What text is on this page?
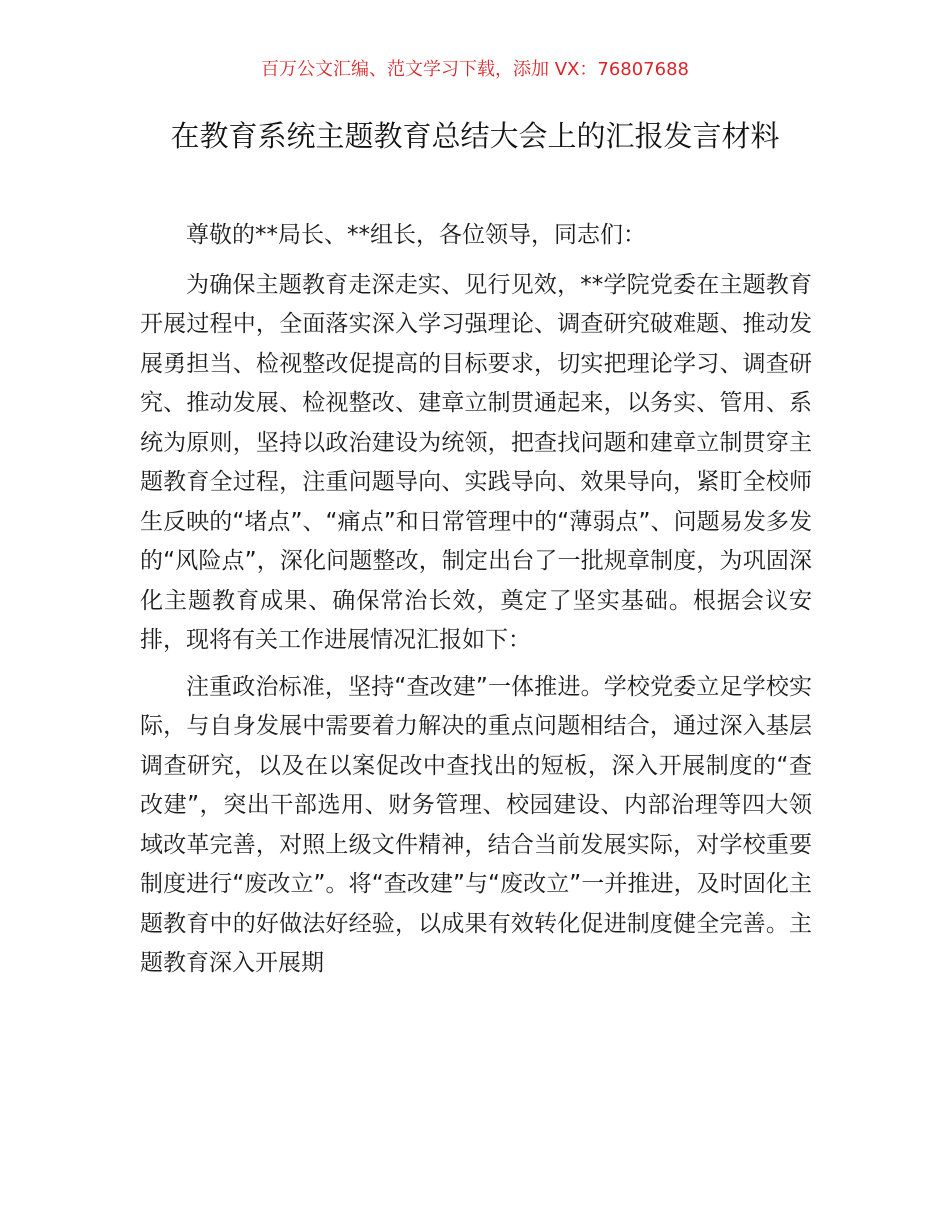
百万公文汇编、范文学习下载，添加 VX：76807688
在教育系统主题教育总结大会上的汇报发言材料

尊敬的**局长、**组长，各位领导，同志们：

为确保主题教育走深走实、见行见效，**学院党委在主题教育开展过程中，全面落实深入学习强理论、调查研究破难题、推动发展勇担当、检视整改促提高的目标要求，切实把理论学习、调查研究、推动发展、检视整改、建章立制贯通起来，以务实、管用、系统为原则，坚持以政治建设为统领，把查找问题和建章立制贯穿主题教育全过程，注重问题导向、实践导向、效果导向，紧盯全校师生反映的“堵点”、“痛点”和日常管理中的“薄弱点”、问题易发多发的“风险点”，深化问题整改，制定出台了一批规章制度，为巩固深化主题教育成果、确保常治长效，奠定了坚实基础。根据会议安排，现将有关工作进展情况汇报如下：

注重政治标准，坚持“查改建”一体推进。学校党委立足学校实际，与自身发展中需要着力解决的重点问题相结合，通过深入基层调查研究，以及在以案促改中查找出的短板，深入开展制度的“查改建”，突出干部选用、财务管理、校园建设、内部治理等四大领域改革完善，对照上级文件精神，结合当前发展实际，对学校重要制度进行“废改立”。将“查改建”与“废改立”一并推进，及时固化主题教育中的好做法好经验，以成果有效转化促进制度健全完善。主题教育深入开展期
